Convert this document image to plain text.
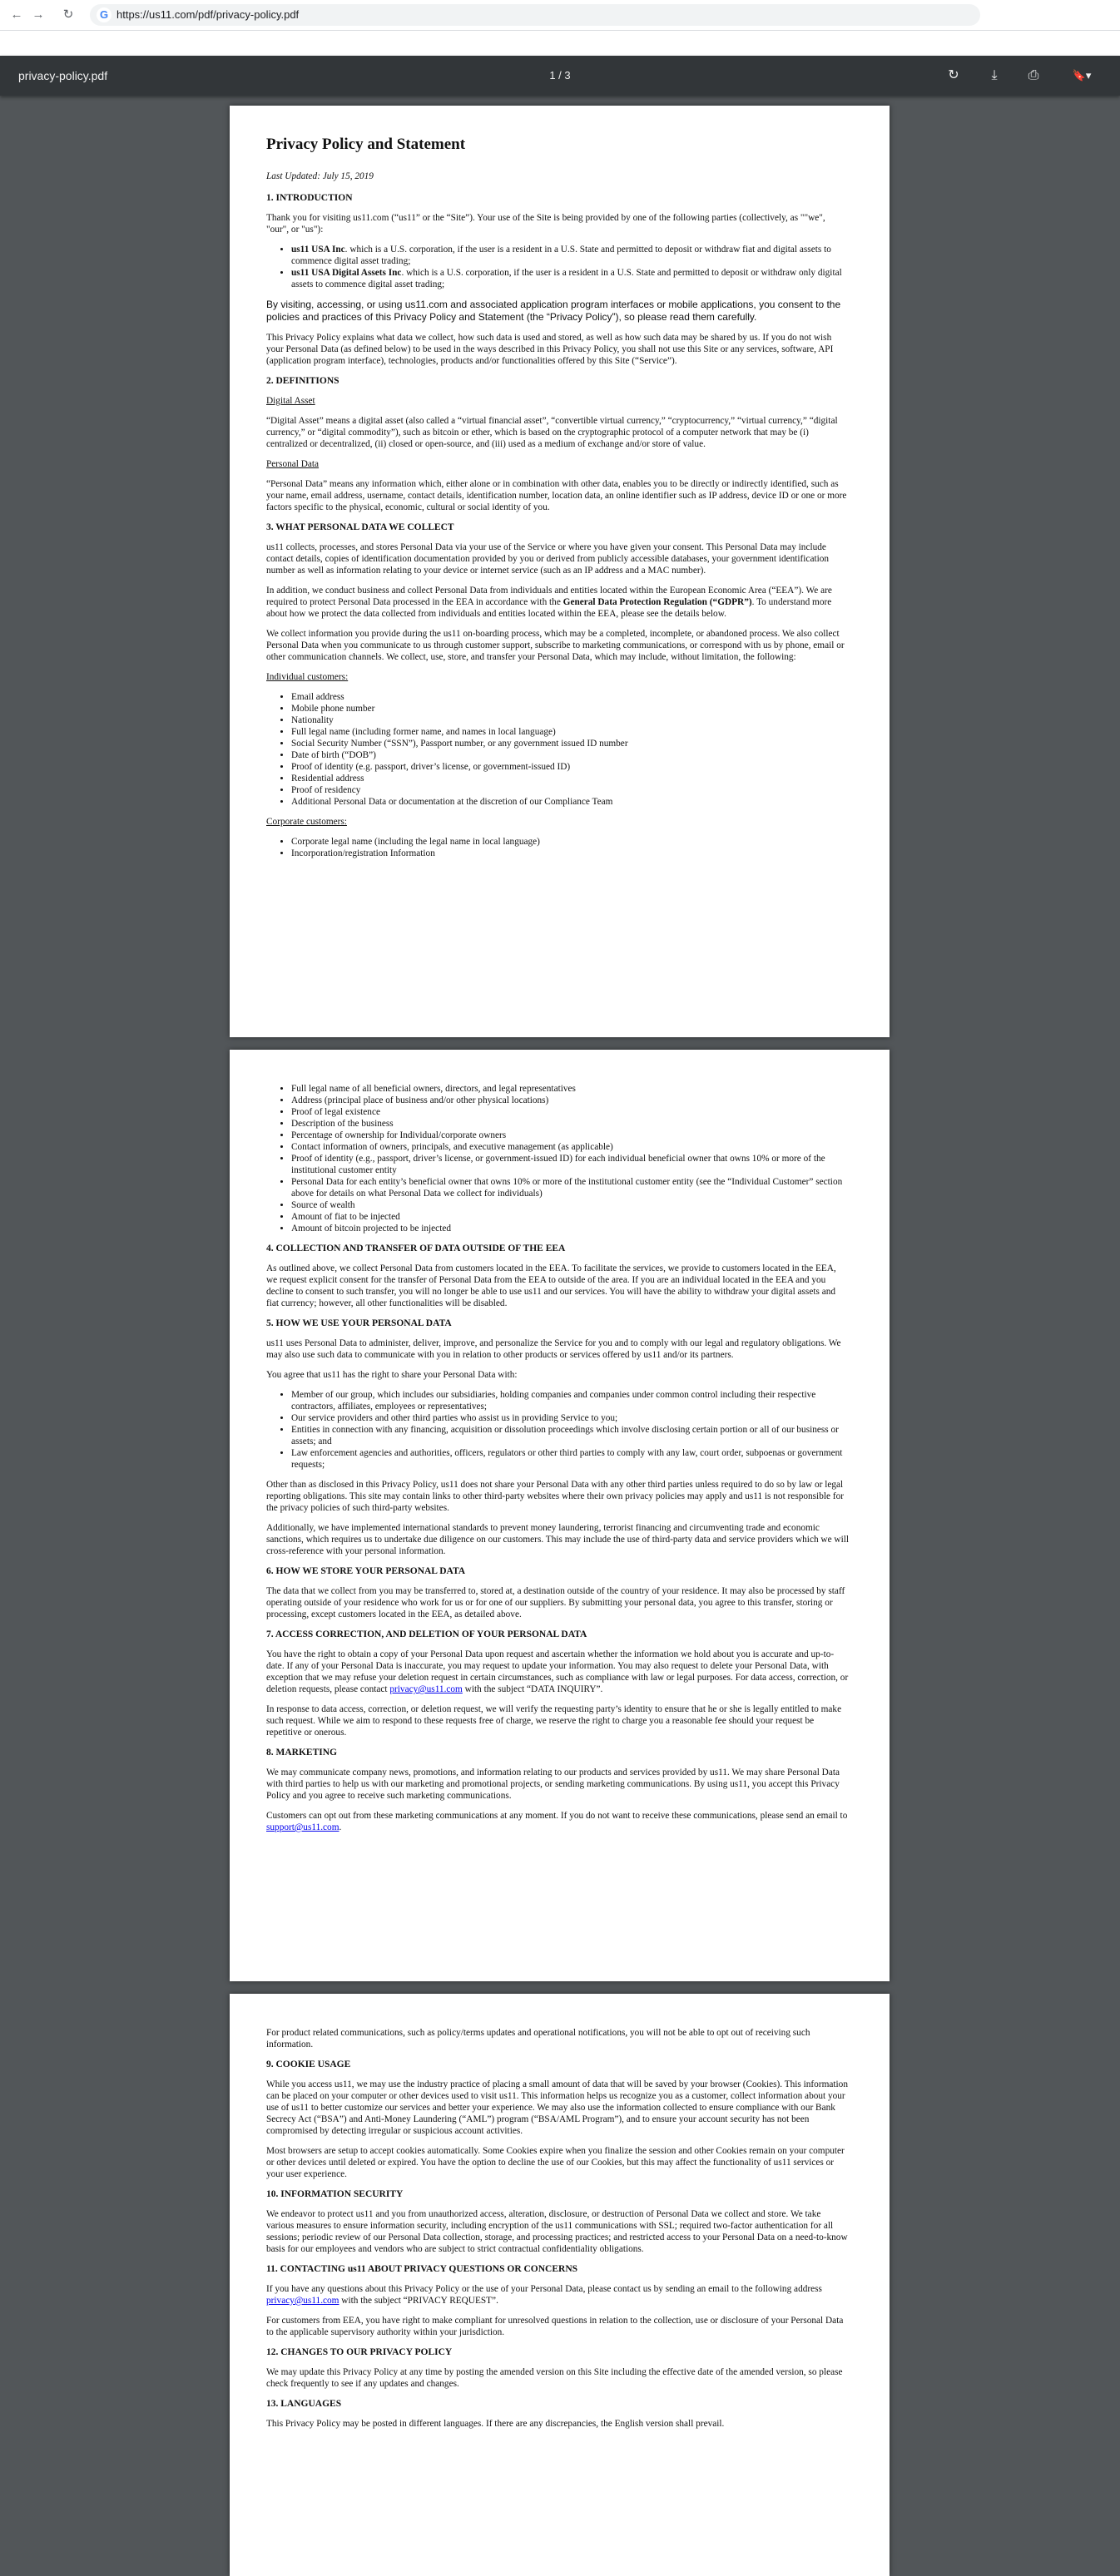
← →	↻	G https://us11.com/pdf/privacy-policy.pdf
privacy-policy.pdf	1 / 3	↻	⤓	⎙	🔖▾
Privacy Policy and Statement

Last Updated: July 15, 2019

1. INTRODUCTION

Thank you for visiting us11.com (“us11” or the “Site”). Your use of the Site is being provided by one of the following parties (collectively, as ""we", "our", or "us"):

• us11 USA Inc. which is a U.S. corporation, if the user is a resident in a U.S. State and permitted to deposit or withdraw fiat and digital assets to commence digital asset trading;
• us11 USA Digital Assets Inc. which is a U.S. corporation, if the user is a resident in a U.S. State and permitted to deposit or withdraw only digital assets to commence digital asset trading;

By visiting, accessing, or using us11.com and associated application program interfaces or mobile applications, you consent to the policies and practices of this Privacy Policy and Statement (the “Privacy Policy”), so please read them carefully.

This Privacy Policy explains what data we collect, how such data is used and stored, as well as how such data may be shared by us. If you do not wish your Personal Data (as defined below) to be used in the ways described in this Privacy Policy, you shall not use this Site or any services, software, API (application program interface), technologies, products and/or functionalities offered by this Site (“Service”).

2. DEFINITIONS

Digital Asset

“Digital Asset” means a digital asset (also called a “virtual financial asset”, “convertible virtual currency,” “cryptocurrency,” “virtual currency,” “digital currency,” or “digital commodity”), such as bitcoin or ether, which is based on the cryptographic protocol of a computer network that may be (i) centralized or decentralized, (ii) closed or open-source, and (iii) used as a medium of exchange and/or store of value.

Personal Data

“Personal Data” means any information which, either alone or in combination with other data, enables you to be directly or indirectly identified, such as your name, email address, username, contact details, identification number, location data, an online identifier such as IP address, device ID or one or more factors specific to the physical, economic, cultural or social identity of you.

3. WHAT PERSONAL DATA WE COLLECT

us11 collects, processes, and stores Personal Data via your use of the Service or where you have given your consent. This Personal Data may include contact details, copies of identification documentation provided by you or derived from publicly accessible databases, your government identification number as well as information relating to your device or internet service (such as an IP address and a MAC number).

In addition, we conduct business and collect Personal Data from individuals and entities located within the European Economic Area (“EEA”). We are required to protect Personal Data processed in the EEA in accordance with the General Data Protection Regulation (“GDPR”). To understand more about how we protect the data collected from individuals and entities located within the EEA, please see the details below.

We collect information you provide during the us11 on-boarding process, which may be a completed, incomplete, or abandoned process. We also collect Personal Data when you communicate to us through customer support, subscribe to marketing communications, or correspond with us by phone, email or other communication channels. We collect, use, store, and transfer your Personal Data, which may include, without limitation, the following:

Individual customers:

• Email address
• Mobile phone number
• Nationality
• Full legal name (including former name, and names in local language)
• Social Security Number (“SSN”), Passport number, or any government issued ID number
• Date of birth (“DOB”)
• Proof of identity (e.g. passport, driver’s license, or government-issued ID)
• Residential address
• Proof of residency
• Additional Personal Data or documentation at the discretion of our Compliance Team

Corporate customers:

• Corporate legal name (including the legal name in local language)
• Incorporation/registration Information
• Full legal name of all beneficial owners, directors, and legal representatives
• Address (principal place of business and/or other physical locations)
• Proof of legal existence
• Description of the business
• Percentage of ownership for Individual/corporate owners
• Contact information of owners, principals, and executive management (as applicable)
• Proof of identity (e.g., passport, driver’s license, or government-issued ID) for each individual beneficial owner that owns 10% or more of the institutional customer entity
• Personal Data for each entity’s beneficial owner that owns 10% or more of the institutional customer entity (see the “Individual Customer” section above for details on what Personal Data we collect for individuals)
• Source of wealth
• Amount of fiat to be injected
• Amount of bitcoin projected to be injected
4. COLLECTION AND TRANSFER OF DATA OUTSIDE OF THE EEA

As outlined above, we collect Personal Data from customers located in the EEA. To facilitate the services, we provide to customers located in the EEA, we request explicit consent for the transfer of Personal Data from the EEA to outside of the area. If you are an individual located in the EEA and you decline to consent to such transfer, you will no longer be able to use us11 and our services. You will have the ability to withdraw your digital assets and fiat currency; however, all other functionalities will be disabled.

5. HOW WE USE YOUR PERSONAL DATA

us11 uses Personal Data to administer, deliver, improve, and personalize the Service for you and to comply with our legal and regulatory obligations. We may also use such data to communicate with you in relation to other products or services offered by us11 and/or its partners.

You agree that us11 has the right to share your Personal Data with:

• Member of our group, which includes our subsidiaries, holding companies and companies under common control including their respective contractors, affiliates, employees or representatives;
• Our service providers and other third parties who assist us in providing Service to you;
• Entities in connection with any financing, acquisition or dissolution proceedings which involve disclosing certain portion or all of our business or assets; and
• Law enforcement agencies and authorities, officers, regulators or other third parties to comply with any law, court order, subpoenas or government requests;

Other than as disclosed in this Privacy Policy, us11 does not share your Personal Data with any other third parties unless required to do so by law or legal reporting obligations. This site may contain links to other third-party websites where their own privacy policies may apply and us11 is not responsible for the privacy policies of such third-party websites.

Additionally, we have implemented international standards to prevent money laundering, terrorist financing and circumventing trade and economic sanctions, which requires us to undertake due diligence on our customers. This may include the use of third-party data and service providers which we will cross-reference with your personal information.

6. HOW WE STORE YOUR PERSONAL DATA

The data that we collect from you may be transferred to, stored at, a destination outside of the country of your residence. It may also be processed by staff operating outside of your residence who work for us or for one of our suppliers. By submitting your personal data, you agree to this transfer, storing or processing, except customers located in the EEA, as detailed above.

7. ACCESS CORRECTION, AND DELETION OF YOUR PERSONAL DATA

You have the right to obtain a copy of your Personal Data upon request and ascertain whether the information we hold about you is accurate and up-to-date. If any of your Personal Data is inaccurate, you may request to update your information. You may also request to delete your Personal Data, with exception that we may refuse your deletion request in certain circumstances, such as compliance with law or legal purposes. For data access, correction, or deletion requests, please contact privacy@us11.com with the subject “DATA INQUIRY”.

In response to data access, correction, or deletion request, we will verify the requesting party’s identity to ensure that he or she is legally entitled to make such request. While we aim to respond to these requests free of charge, we reserve the right to charge you a reasonable fee should your request be repetitive or onerous.

8. MARKETING

We may communicate company news, promotions, and information relating to our products and services provided by us11. We may share Personal Data with third parties to help us with our marketing and promotional projects, or sending marketing communications. By using us11, you accept this Privacy Policy and you agree to receive such marketing communications.

Customers can opt out from these marketing communications at any moment. If you do not want to receive these communications, please send an email to support@us11.com.

For product related communications, such as policy/terms updates and operational notifications, you will not be able to opt out of receiving such information.

9. COOKIE USAGE

While you access us11, we may use the industry practice of placing a small amount of data that will be saved by your browser (Cookies). This information can be placed on your computer or other devices used to visit us11. This information helps us recognize you as a customer, collect information about your use of us11 to better customize our services and better your experience. We may also use the information collected to ensure compliance with our Bank Secrecy Act (“BSA”) and Anti-Money Laundering (“AML”) program (“BSA/AML Program”), and to ensure your account security has not been compromised by detecting irregular or suspicious account activities.

Most browsers are setup to accept cookies automatically. Some Cookies expire when you finalize the session and other Cookies remain on your computer or other devices until deleted or expired. You have the option to decline the use of our Cookies, but this may affect the functionality of us11 services or your user experience.

10. INFORMATION SECURITY

We endeavor to protect us11 and you from unauthorized access, alteration, disclosure, or destruction of Personal Data we collect and store. We take various measures to ensure information security, including encryption of the us11 communications with SSL; required two-factor authentication for all sessions; periodic review of our Personal Data collection, storage, and processing practices; and restricted access to your Personal Data on a need-to-know basis for our employees and vendors who are subject to strict contractual confidentiality obligations.

11. CONTACTING us11 ABOUT PRIVACY QUESTIONS OR CONCERNS

If you have any questions about this Privacy Policy or the use of your Personal Data, please contact us by sending an email to the following address privacy@us11.com with the subject “PRIVACY REQUEST”.

For customers from EEA, you have right to make compliant for unresolved questions in relation to the collection, use or disclosure of your Personal Data to the applicable supervisory authority within your jurisdiction.

12. CHANGES TO OUR PRIVACY POLICY

We may update this Privacy Policy at any time by posting the amended version on this Site including the effective date of the amended version, so please check frequently to see if any updates and changes.

13. LANGUAGES

This Privacy Policy may be posted in different languages. If there are any discrepancies, the English version shall prevail.
